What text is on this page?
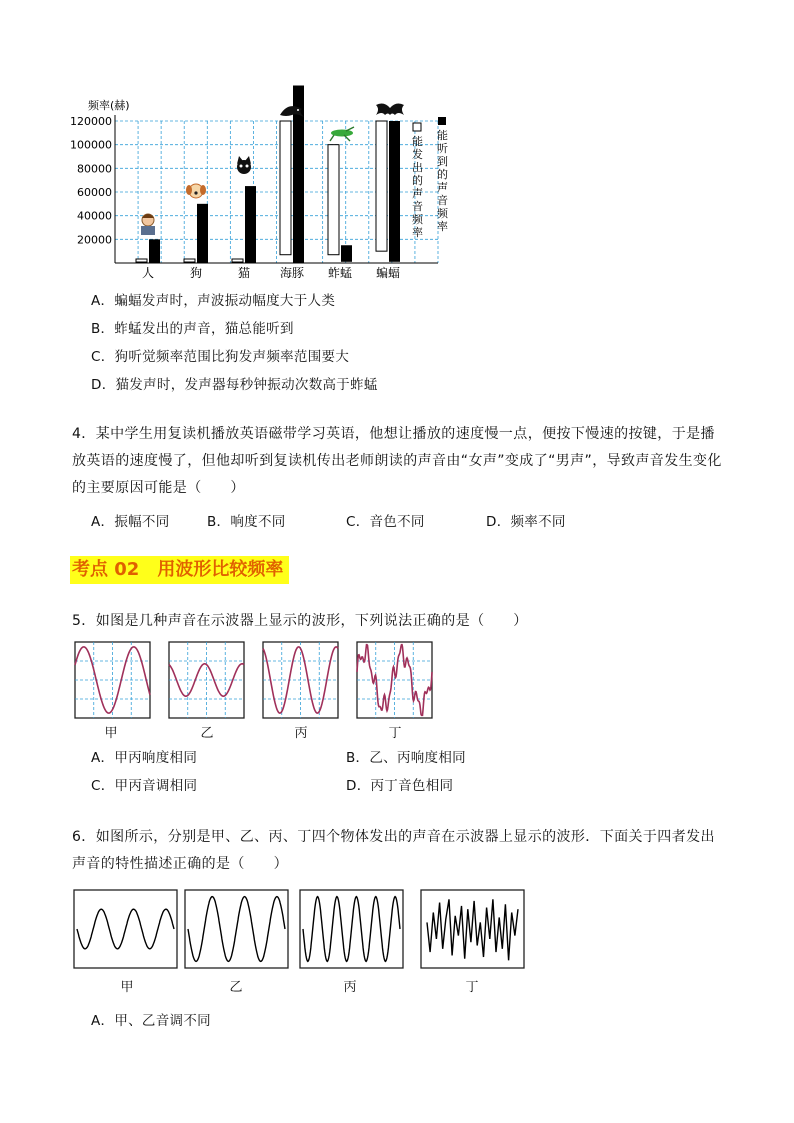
频率(赫)
20000
40000
60000
80000
100000
120000
人	狗	猫 海豚 蚱蜢 蝙蝠
能发出的声音频率
能听到的声音频率
A．蝙蝠发声时，声波振动幅度大于人类
B．蚱蜢发出的声音，猫总能听到
C．狗听觉频率范围比狗发声频率范围要大
D．猫发声时，发声器每秒钟振动次数高于蚱蜢
4．某中学生用复读机播放英语磁带学习英语，他想让播放的速度慢一点，便按下慢速的按键，于是播放英语的速度慢了，但他却听到复读机传出老师朗读的声音由“女声”变成了“男声”，导致声音发生变化的主要原因可能是（　　）
A．振幅不同	B．响度不同	C．音色不同	D．频率不同
考点 02　用波形比较频率
5．如图是几种声音在示波器上显示的波形，下列说法正确的是（　　）
甲	乙	丙	丁
A．甲丙响度相同	B．乙、丙响度相同
C．甲丙音调相同	D．丙丁音色相同
6．如图所示，分别是甲、乙、丙、丁四个物体发出的声音在示波器上显示的波形．下面关于四者发出声音的特性描述正确的是（　　）
甲	乙	丙	丁
A．甲、乙音调不同
